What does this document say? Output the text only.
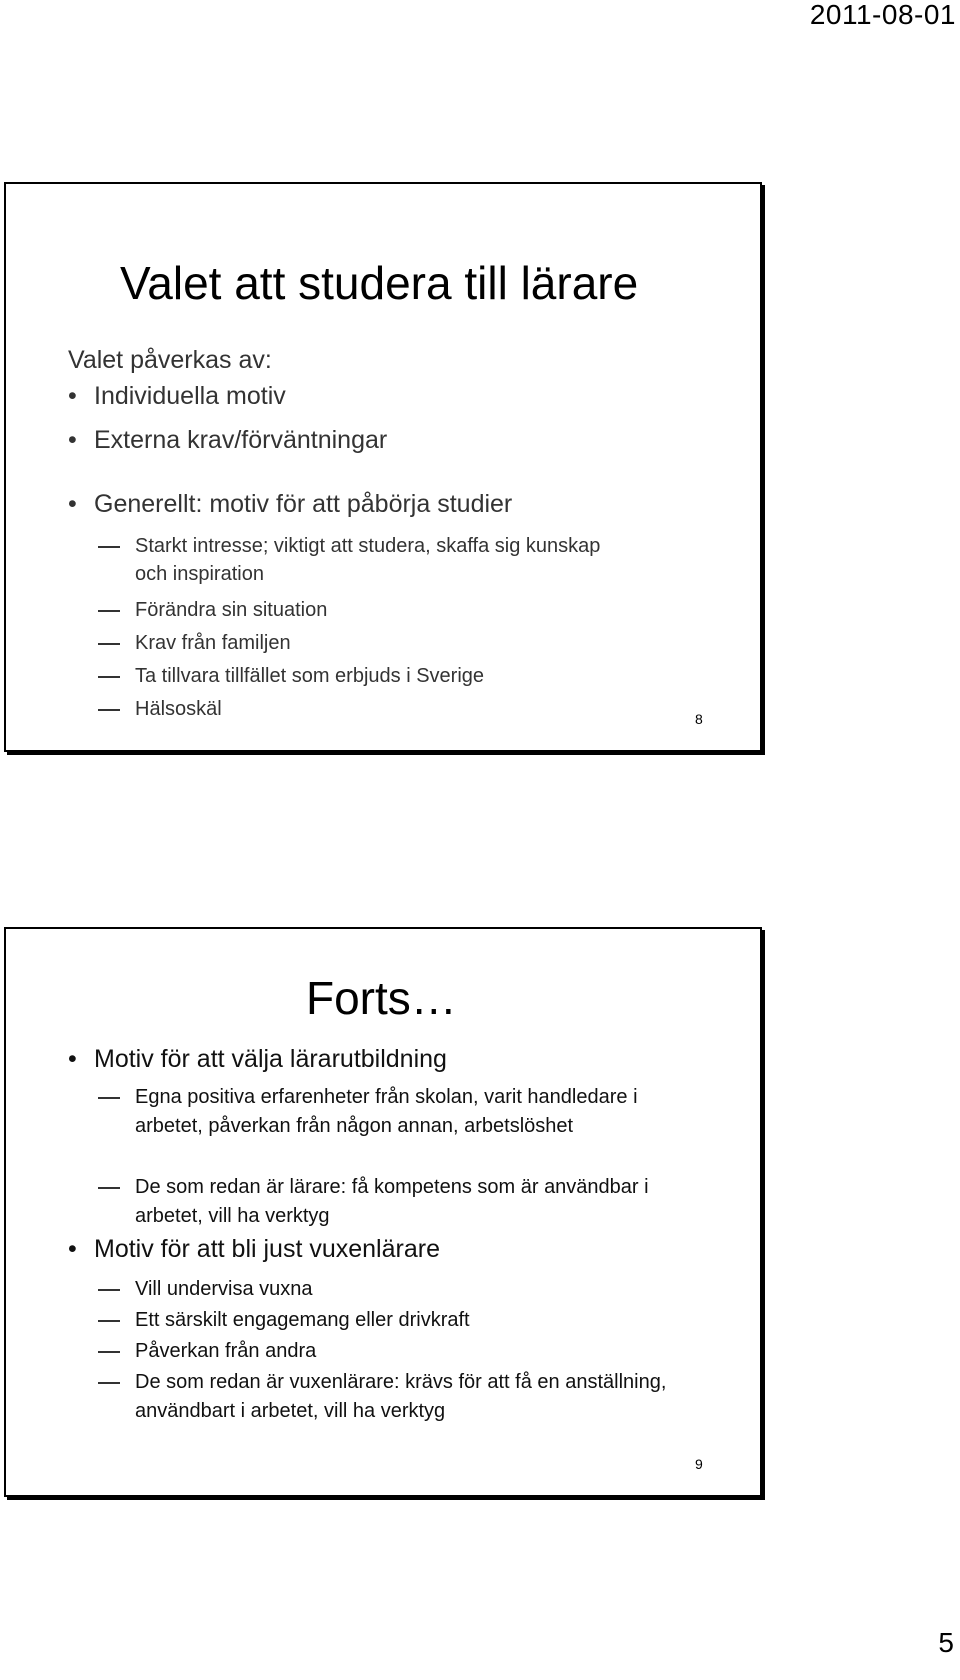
2011-08-01
Valet att studera till lärare
Valet påverkas av:
• Individuella motiv
• Externa krav/förväntningar
• Generellt: motiv för att påbörja studier
Starkt intresse; viktigt att studera, skaffa sig kunskap och inspiration
Förändra sin situation
Krav från familjen
Ta tillvara tillfället som erbjuds i Sverige
Hälsoskäl	8
Forts…
• Motiv för att välja lärarutbildning
Egna positiva erfarenheter från skolan, varit handledare i arbetet, påverkan från någon annan, arbetslöshet
De som redan är lärare: få kompetens som är användbar i arbetet, vill ha verktyg
• Motiv för att bli just vuxenlärare
Vill undervisa vuxna
Ett särskilt engagemang eller drivkraft
Påverkan från andra
De som redan är vuxenlärare: krävs för att få en anställning, användbart i arbetet, vill ha verktyg
9
5
